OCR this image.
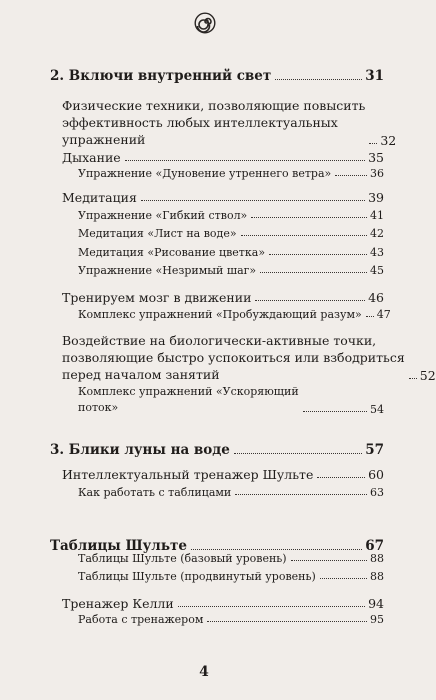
2. Включи внутренний свет	31
Физические техники, позволяющие повысить
эффективность любых интеллектуальных
упражнений	32
Дыхание	35
Упражнение «Дуновение утреннего ветра»	36
Медитация	39
Упражнение «Гибкий ствол»	41
Медитация «Лист на воде»	42
Медитация «Рисование цветка»	43
Упражнение «Незримый шаг»	45
Тренируем мозг в движении	46
Комплекс упражнений «Пробуждающий разум» 47
Воздействие на биологически-активные точки,
позволяющие быстро успокоиться или взбодриться
перед началом занятий	52
Комплекс упражнений «Ускоряющий
поток»	54
3. Блики луны на воде	57
Интеллектуальный тренажер Шульте	60
Как работать с таблицами	63
Таблицы Шульте	67
Таблицы Шульте (базовый уровень)	88
Таблицы Шульте (продвинутый уровень)	88
Тренажер Келли	94
Работа с тренажером	95
4
